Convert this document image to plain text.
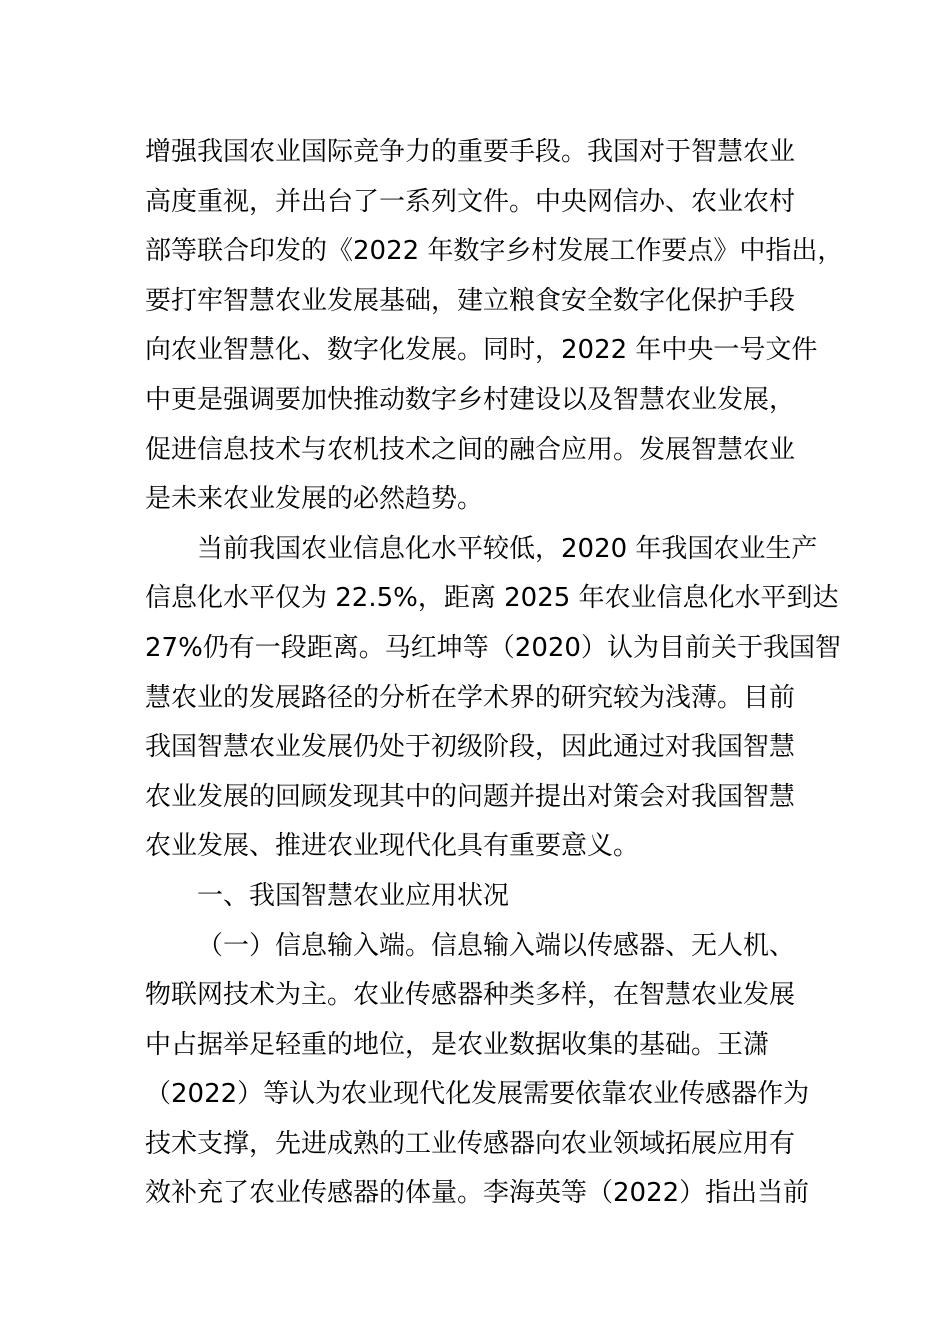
增强我国农业国际竞争力的重要手段。我国对于智慧农业
高度重视，并出台了一系列文件。中央网信办、农业农村
部等联合印发的《2022 年数字乡村发展工作要点》中指出，
要打牢智慧农业发展基础，建立粮食安全数字化保护手段
向农业智慧化、数字化发展。同时，2022 年中央一号文件
中更是强调要加快推动数字乡村建设以及智慧农业发展，
促进信息技术与农机技术之间的融合应用。发展智慧农业
是未来农业发展的必然趋势。
当前我国农业信息化水平较低，2020 年我国农业生产
信息化水平仅为 22.5%，距离 2025 年农业信息化水平到达
27%仍有一段距离。马红坤等（2020）认为目前关于我国智
慧农业的发展路径的分析在学术界的研究较为浅薄。目前
我国智慧农业发展仍处于初级阶段，因此通过对我国智慧
农业发展的回顾发现其中的问题并提出对策会对我国智慧
农业发展、推进农业现代化具有重要意义。
一、我国智慧农业应用状况
（一）信息输入端。信息输入端以传感器、无人机、
物联网技术为主。农业传感器种类多样，在智慧农业发展
中占据举足轻重的地位，是农业数据收集的基础。王潇
（2022）等认为农业现代化发展需要依靠农业传感器作为
技术支撑，先进成熟的工业传感器向农业领域拓展应用有
效补充了农业传感器的体量。李海英等（2022）指出当前
